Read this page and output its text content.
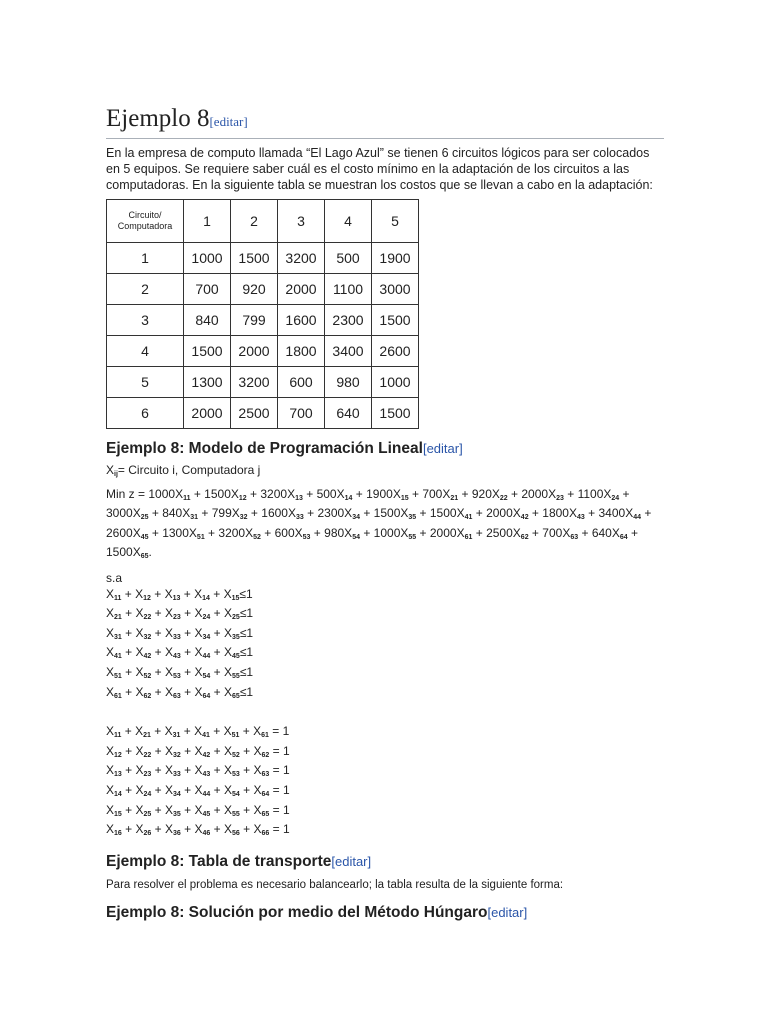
Ejemplo 8[editar]

En la empresa de computo llamada “El Lago Azul” se tienen 6 circuitos lógicos para ser colocados en 5 equipos. Se requiere saber cuál es el costo mínimo en la adaptación de los circuitos a las computadoras. En la siguiente tabla se muestran los costos que se llevan a cabo en la adaptación:

Circuito/
Computadora	1	2	3	4	5
1	1000	1500	3200	500	1900
2	700	920	2000	1100	3000
3	840	799	1600	2300	1500
4	1500	2000	1800	3400	2600
5	1300	3200	600	980	1000
6	2000	2500	700	640	1500
Ejemplo 8: Modelo de Programación Lineal[editar]
$X_{ij}=$ Circuito i, Computadora j
Min $z = 1000X_{11} + 1500X_{12} + 3200X_{13} + 500X_{14} + 1900X_{15} + 700X_{21} + 920X_{22} + 2000X_{23} + 1100X_{24} + 3000X_{25} + 840X_{31} + 799X_{32} + 1600X_{33} + 2300X_{34} + 1500X_{35} + 1500X_{41} + 2000X_{42} + 1800X_{43} + 3400X_{44} + 2600X_{45} + 1300X_{51} + 3200X_{52} + 600X_{53} + 980X_{54} + 1000X_{55} + 2000X_{61} + 2500X_{62} + 700X_{63} + 640X_{64} + 1500X_{65}$.
s.a
$X_{11} + X_{12} + X_{13} + X_{14} + X_{15}\le 1$
$X_{21} + X_{22} + X_{23} + X_{24} + X_{25}\le 1$
$X_{31} + X_{32} + X_{33} + X_{34} + X_{35}\le 1$
$X_{41} + X_{42} + X_{43} + X_{44} + X_{45}\le 1$
$X_{51} + X_{52} + X_{53} + X_{54} + X_{55}\le 1$
$X_{61} + X_{62} + X_{63} + X_{64} + X_{65}\le 1$
$X_{11} + X_{21} + X_{31} + X_{41} + X_{51} + X_{61} = 1$
$X_{12} + X_{22} + X_{32} + X_{42} + X_{52} + X_{62} = 1$
$X_{13} + X_{23} + X_{33} + X_{43} + X_{53} + X_{63} = 1$
$X_{14} + X_{24} + X_{34} + X_{44} + X_{54} + X_{64} = 1$
$X_{15} + X_{25} + X_{35} + X_{45} + X_{55} + X_{65} = 1$
$X_{16} + X_{26} + X_{36} + X_{46} + X_{56} + X_{66} = 1$
Ejemplo 8: Tabla de transporte[editar]

Para resolver el problema es necesario balancearlo; la tabla resulta de la siguiente forma:

Ejemplo 8: Solución por medio del Método Húngaro[editar]
